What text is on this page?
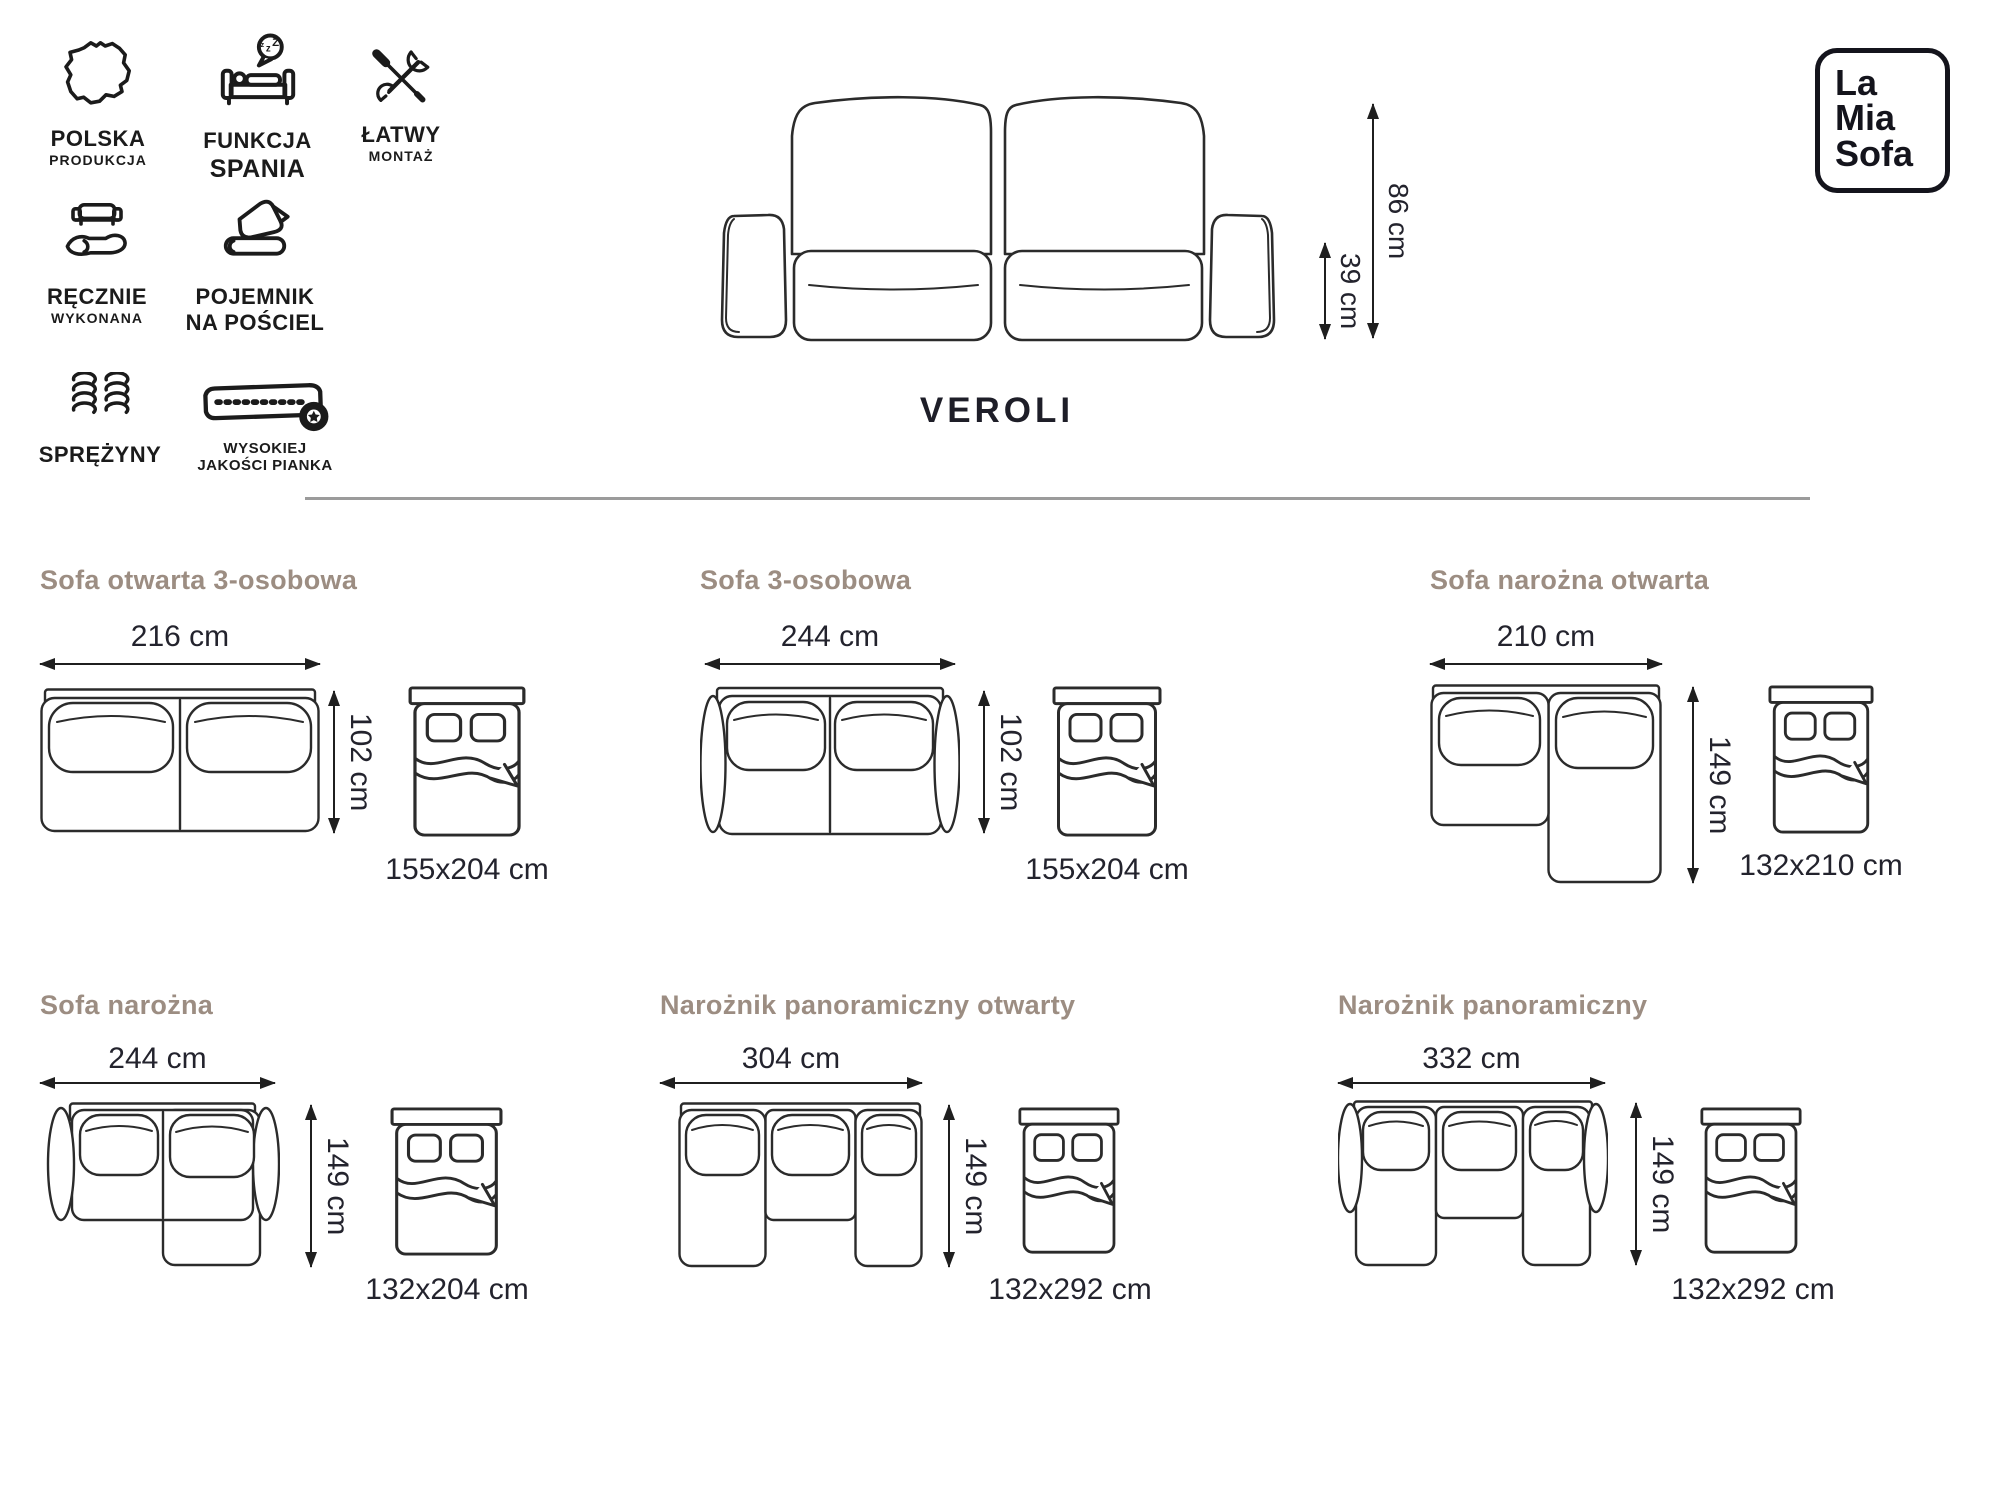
POLSKA
PRODUKCJA
z z Z
FUNKCJA
SPANIA
ŁATWY
MONTAŻ
RĘCZNIE
WYKONANA
POJEMNIK
NA POŚCIEL
SPRĘŻYNY	WYSOKIEJ
JAKOŚCI PIANKA
86 cm
39 cm
VEROLI
La
Mia
Sofa
Sofa otwarta 3-osobowa
216 cm
102 cm
155x204 cm
Sofa 3-osobowa
244 cm
102 cm
155x204 cm
Sofa narożna otwarta
210 cm
149 cm
132x210 cm
Sofa narożna
244 cm
149 cm
132x204 cm
Narożnik panoramiczny otwarty
304 cm
149 cm
132x292 cm
Narożnik panoramiczny
332 cm
149 cm
132x292 cm
